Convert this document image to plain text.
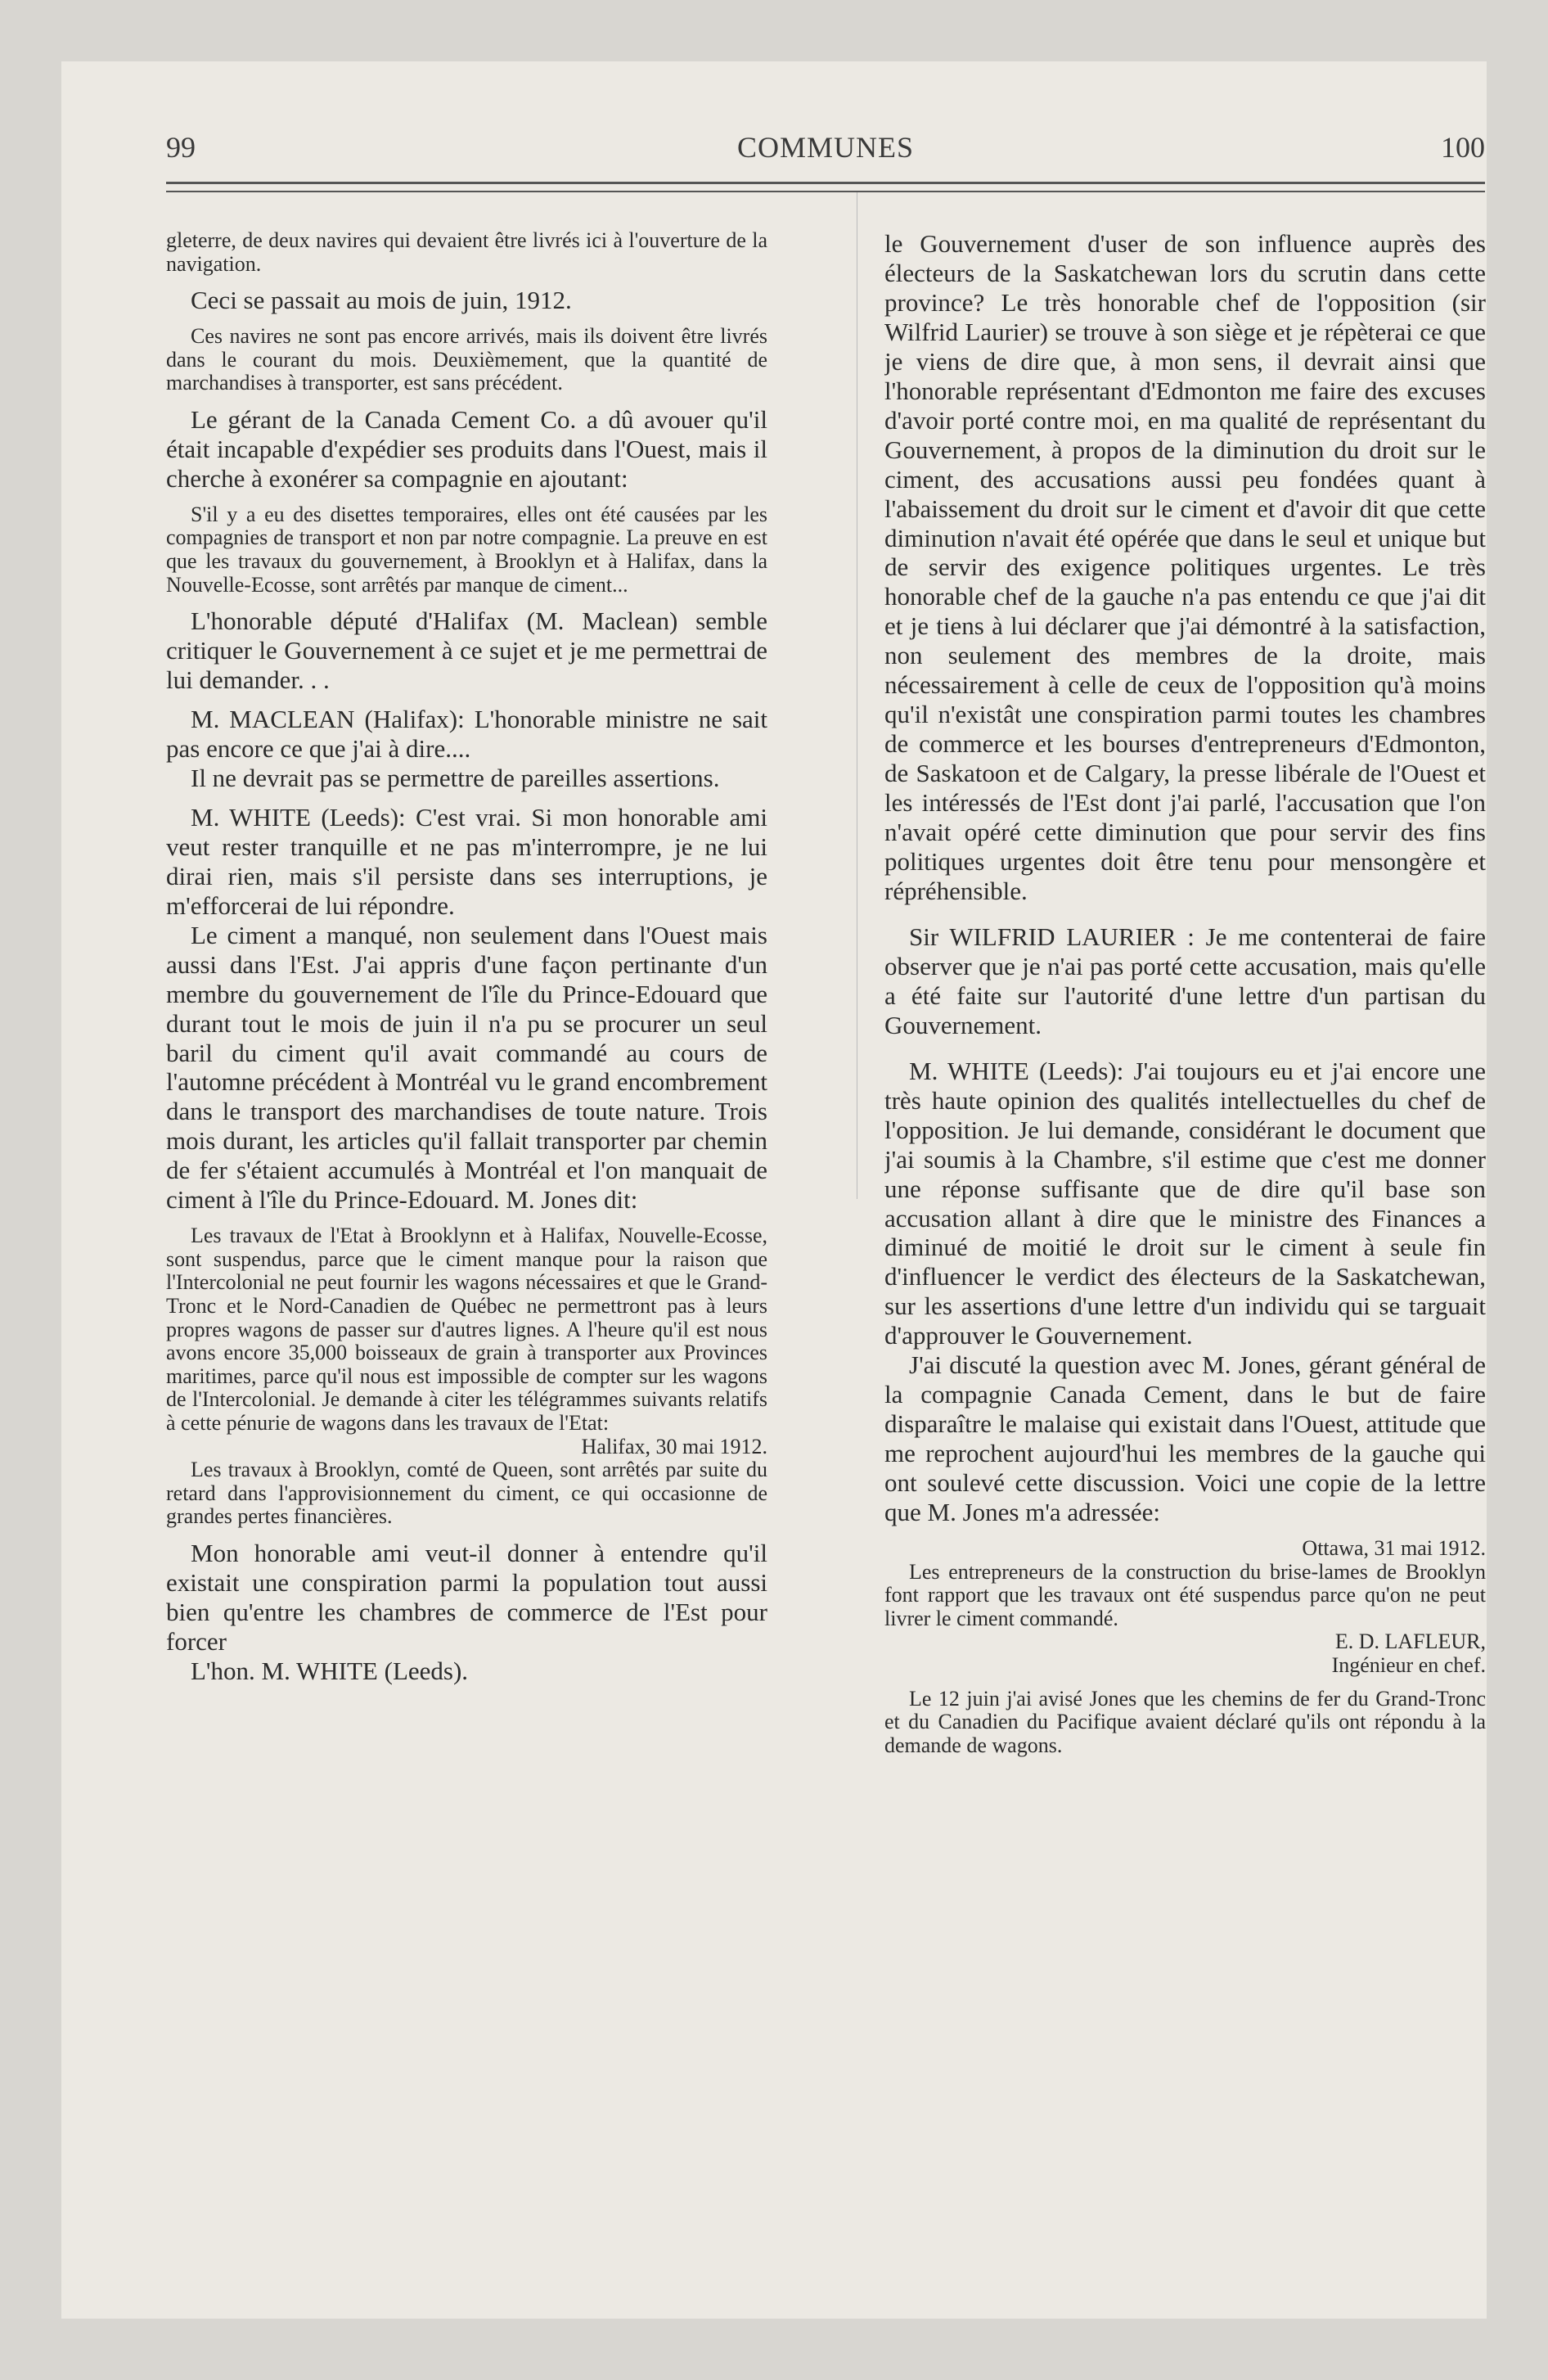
99	COMMUNES	100

gleterre, de deux navires qui devaient être livrés ici à l'ouverture de la navigation.

Ceci se passait au mois de juin, 1912.

Ces navires ne sont pas encore arrivés, mais ils doivent être livrés dans le courant du mois. Deuxièmement, que la quantité de marchandises à transporter, est sans précédent.

Le gérant de la Canada Cement Co. a dû avouer qu'il était incapable d'expédier ses produits dans l'Ouest, mais il cherche à exonérer sa compagnie en ajoutant:

S'il y a eu des disettes temporaires, elles ont été causées par les compagnies de transport et non par notre compagnie. La preuve en est que les travaux du gouvernement, à Brooklyn et à Halifax, dans la Nouvelle-Ecosse, sont arrêtés par manque de ciment...

L'honorable député d'Halifax (M. Maclean) semble critiquer le Gouvernement à ce sujet et je me permettrai de lui demander. . .

M. MACLEAN (Halifax): L'honorable ministre ne sait pas encore ce que j'ai à dire....

Il ne devrait pas se permettre de pareilles assertions.

M. WHITE (Leeds): C'est vrai. Si mon honorable ami veut rester tranquille et ne pas m'interrompre, je ne lui dirai rien, mais s'il persiste dans ses interruptions, je m'efforcerai de lui répondre.

Le ciment a manqué, non seulement dans l'Ouest mais aussi dans l'Est. J'ai appris d'une façon pertinante d'un membre du gouvernement de l'île du Prince-Edouard que durant tout le mois de juin il n'a pu se procurer un seul baril du ciment qu'il avait commandé au cours de l'automne précédent à Montréal vu le grand encombrement dans le transport des marchandises de toute nature. Trois mois durant, les articles qu'il fallait transporter par chemin de fer s'étaient accumulés à Montréal et l'on manquait de ciment à l'île du Prince-Edouard. M. Jones dit:

Les travaux de l'Etat à Brooklynn et à Halifax, Nouvelle-Ecosse, sont suspendus, parce que le ciment manque pour la raison que l'Intercolonial ne peut fournir les wagons nécessaires et que le Grand-Tronc et le Nord-Canadien de Québec ne permettront pas à leurs propres wagons de passer sur d'autres lignes. A l'heure qu'il est nous avons encore 35,000 boisseaux de grain à transporter aux Provinces maritimes, parce qu'il nous est impossible de compter sur les wagons de l'Intercolonial. Je demande à citer les télégrammes suivants relatifs à cette pénurie de wagons dans les travaux de l'Etat:

Halifax, 30 mai 1912.

Les travaux à Brooklyn, comté de Queen, sont arrêtés par suite du retard dans l'approvisionnement du ciment, ce qui occasionne de grandes pertes financières.

Mon honorable ami veut-il donner à entendre qu'il existait une conspiration parmi la population tout aussi bien qu'entre les chambres de commerce de l'Est pour forcer

L'hon. M. WHITE (Leeds).

le Gouvernement d'user de son influence auprès des électeurs de la Saskatchewan lors du scrutin dans cette province? Le très honorable chef de l'opposition (sir Wilfrid Laurier) se trouve à son siège et je répèterai ce que je viens de dire que, à mon sens, il devrait ainsi que l'honorable représentant d'Edmonton me faire des excuses d'avoir porté contre moi, en ma qualité de représentant du Gouvernement, à propos de la diminution du droit sur le ciment, des accusations aussi peu fondées quant à l'abaissement du droit sur le ciment et d'avoir dit que cette diminution n'avait été opérée que dans le seul et unique but de servir des exigence politiques urgentes. Le très honorable chef de la gauche n'a pas entendu ce que j'ai dit et je tiens à lui déclarer que j'ai démontré à la satisfaction, non seulement des membres de la droite, mais nécessairement à celle de ceux de l'opposition qu'à moins qu'il n'existât une conspiration parmi toutes les chambres de commerce et les bourses d'entrepreneurs d'Edmonton, de Saskatoon et de Calgary, la presse libérale de l'Ouest et les intéressés de l'Est dont j'ai parlé, l'accusation que l'on n'avait opéré cette diminution que pour servir des fins politiques urgentes doit être tenu pour mensongère et répréhensible.

Sir WILFRID LAURIER : Je me contenterai de faire observer que je n'ai pas porté cette accusation, mais qu'elle a été faite sur l'autorité d'une lettre d'un partisan du Gouvernement.

M. WHITE (Leeds): J'ai toujours eu et j'ai encore une très haute opinion des qualités intellectuelles du chef de l'opposition. Je lui demande, considérant le document que j'ai soumis à la Chambre, s'il estime que c'est me donner une réponse suffisante que de dire qu'il base son accusation allant à dire que le ministre des Finances a diminué de moitié le droit sur le ciment à seule fin d'influencer le verdict des électeurs de la Saskatchewan, sur les assertions d'une lettre d'un individu qui se targuait d'approuver le Gouvernement.

J'ai discuté la question avec M. Jones, gérant général de la compagnie Canada Cement, dans le but de faire disparaître le malaise qui existait dans l'Ouest, attitude que me reprochent aujourd'hui les membres de la gauche qui ont soulevé cette discussion. Voici une copie de la lettre que M. Jones m'a adressée:

Ottawa, 31 mai 1912.

Les entrepreneurs de la construction du brise-lames de Brooklyn font rapport que les travaux ont été suspendus parce qu'on ne peut livrer le ciment commandé.

E. D. LAFLEUR,

Ingénieur en chef.

Le 12 juin j'ai avisé Jones que les chemins de fer du Grand-Tronc et du Canadien du Pacifique avaient déclaré qu'ils ont répondu à la demande de wagons.
